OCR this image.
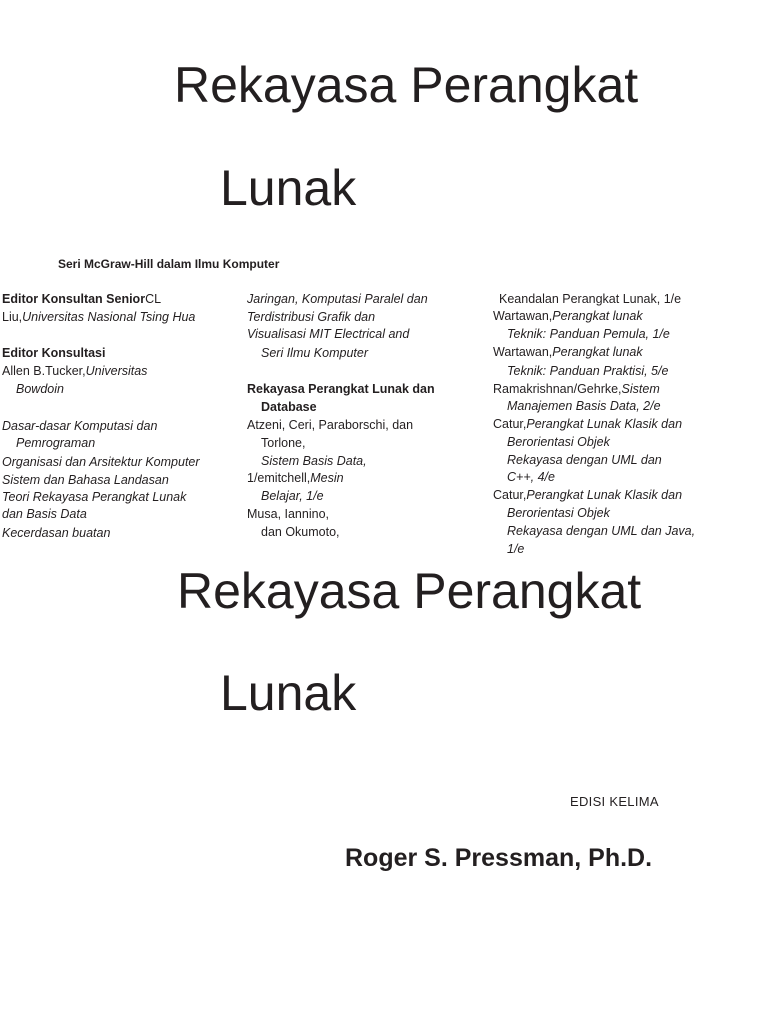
Rekayasa Perangkat
Lunak
Seri McGraw-Hill dalam Ilmu Komputer
Editor Konsultan SeniorCL
Liu,Universitas Nasional Tsing Hua
Editor Konsultasi
Allen B.Tucker,Universitas
Bowdoin
Dasar-dasar Komputasi dan
Pemrograman
Organisasi dan Arsitektur Komputer
Sistem dan Bahasa Landasan
Teori Rekayasa Perangkat Lunak
dan Basis Data
Kecerdasan buatan
Jaringan, Komputasi Paralel dan
Terdistribusi Grafik dan
Visualisasi MIT Electrical and
Seri Ilmu Komputer
Rekayasa Perangkat Lunak dan
Database
Atzeni, Ceri, Paraborschi, dan
Torlone,
Sistem Basis Data,
1/emitchell,Mesin
Belajar, 1/e
Musa, Iannino,
dan Okumoto,
Keandalan Perangkat Lunak, 1/e
Wartawan,Perangkat lunak
Teknik: Panduan Pemula, 1/e
Wartawan,Perangkat lunak
Teknik: Panduan Praktisi, 5/e
Ramakrishnan/Gehrke,Sistem
Manajemen Basis Data, 2/e
Catur,Perangkat Lunak Klasik dan
Berorientasi Objek
Rekayasa dengan UML dan
C++, 4/e
Catur,Perangkat Lunak Klasik dan
Berorientasi Objek
Rekayasa dengan UML dan Java,
1/e
Rekayasa Perangkat
Lunak
EDISI KELIMA
Roger S. Pressman, Ph.D.
